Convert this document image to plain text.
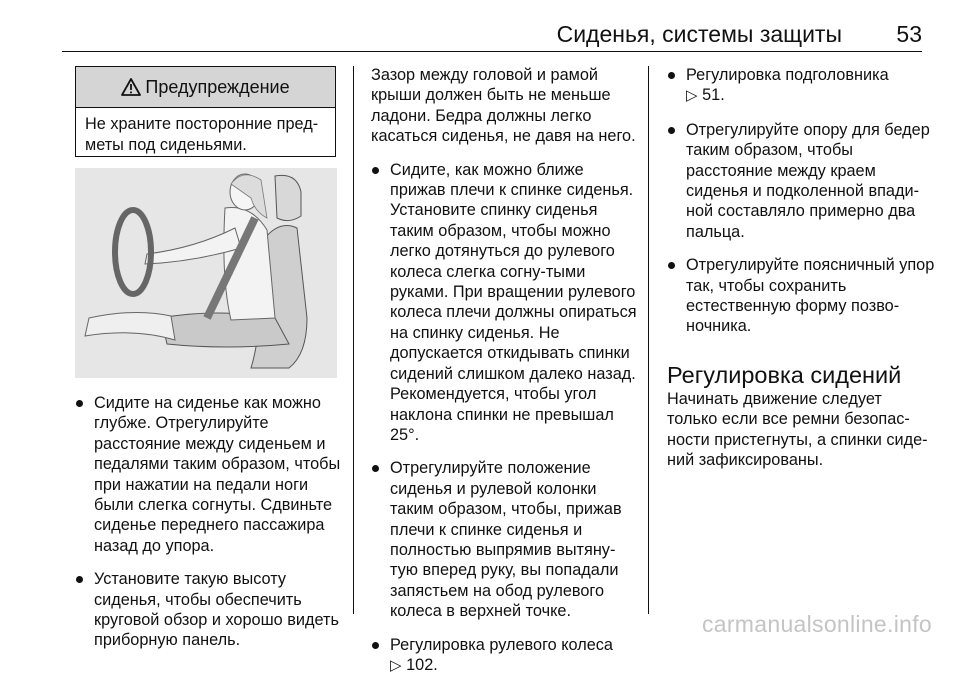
Сиденья, системы защиты 53
Предупреждение
Не храните посторонние пред-
меты под сиденьями.
Сидите на сиденье как можно глубже. Отрегулируйте расстояние между сиденьем и педалями таким образом, чтобы при нажатии на педали ноги были слегка согнуты. Сдвиньте сиденье переднего пассажира назад до упора.
Установите такую высоту сиденья, чтобы обеспечить круговой обзор и хорошо видеть приборную панель.

Зазор между головой и рамой крыши должен быть не меньше ладони. Бедра должны легко касаться сиденья, не давя на него.

Сидите, как можно ближе прижав плечи к спинке сиденья. Установите спинку сиденья таким образом, чтобы можно легко дотянуться до рулевого колеса слегка согну-тыми руками. При вращении рулевого колеса плечи должны опираться на спинку сиденья. Не допускается откидывать спинки сидений слишком далеко назад. Рекомендуется, чтобы угол наклона спинки не превышал 25°.
Отрегулируйте положение сиденья и рулевой колонки таким образом, чтобы, прижав плечи к спинке сиденья и полностью выпрямив вытяну-тую вперед руку, вы попадали запястьем на обод рулевого колеса в верхней точке.
Регулировка рулевого колеса
▷ 102.
Регулировка подголовника
▷ 51.
Отрегулируйте опору для бедер таким образом, чтобы расстояние между краем сиденья и подколенной впади-ной составляло примерно два пальца.
Отрегулируйте поясничный упор так, чтобы сохранить естественную форму позво-ночника.
Регулировка сидений

Начинать движение следует только если все ремни безопас-ности пристегнуты, а спинки сиде-ний зафиксированы.

carmanualsonline.info
